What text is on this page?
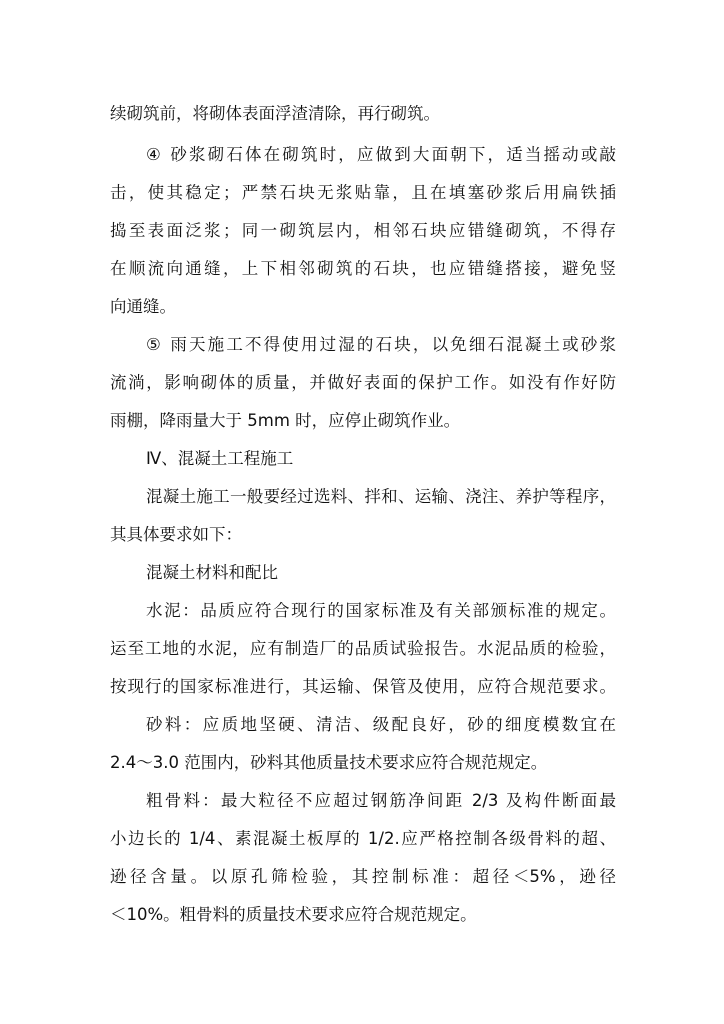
续砌筑前，将砌体表面浮渣清除，再行砌筑。
④ 砂浆砌石体在砌筑时，应做到大面朝下，适当摇动或敲
击，使其稳定；严禁石块无浆贴靠，且在填塞砂浆后用扁铁插
捣至表面泛浆；同一砌筑层内，相邻石块应错缝砌筑，不得存
在顺流向通缝，上下相邻砌筑的石块，也应错缝搭接，避免竖
向通缝。
⑤ 雨天施工不得使用过湿的石块，以免细石混凝土或砂浆
流淌，影响砌体的质量，并做好表面的保护工作。如没有作好防
雨棚，降雨量大于 5mm 时，应停止砌筑作业。
Ⅳ、混凝土工程施工
混凝土施工一般要经过选料、拌和、运输、浇注、养护等程序，
其具体要求如下：
混凝土材料和配比
水泥：品质应符合现行的国家标准及有关部颁标准的规定。
运至工地的水泥，应有制造厂的品质试验报告。水泥品质的检验，
按现行的国家标准进行，其运输、保管及使用，应符合规范要求。
砂料：应质地坚硬、清洁、级配良好，砂的细度模数宜在
2.4～3.0 范围内，砂料其他质量技术要求应符合规范规定。
粗骨料：最大粒径不应超过钢筋净间距 2/3 及构件断面最
小边长的 1/4、素混凝土板厚的 1/2.应严格控制各级骨料的超、
逊径含量。以原孔筛检验，其控制标准：超径＜5%，逊径
＜10%。粗骨料的质量技术要求应符合规范规定。
